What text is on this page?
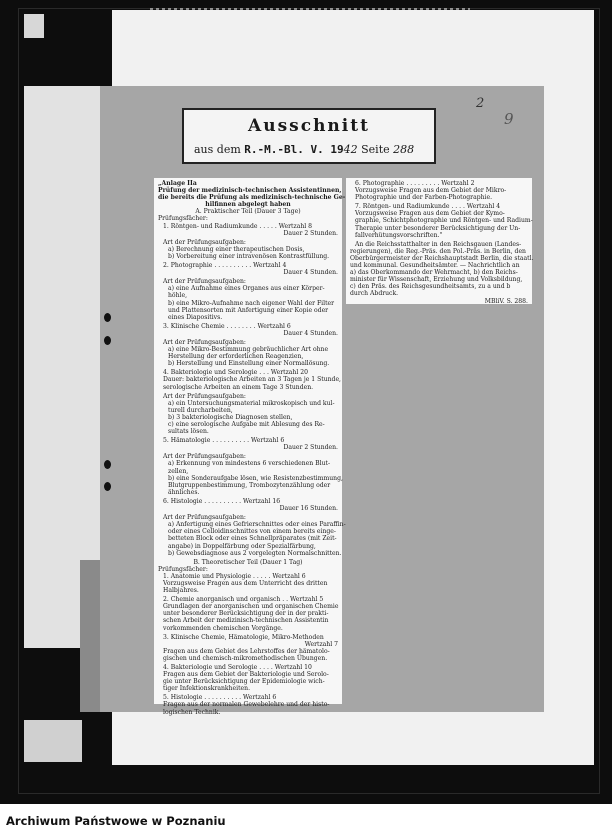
Ausschnitt
aus dem R.-M.-Bl. V. 1942 Seite 288
2
9
„Anlage IIa
Prüfung der medizinisch-technischen Assistentinnen,
die bereits die Prüfung als medizinisch-technische Ge-
hilfinnen abgelegt haben
A. Praktischer Teil (Dauer 3 Tage)
Prüfungsfächer:
1. Röntgen- und Radiumkunde . . . . . Wertzahl 8
Dauer 2 Stunden.
Art der Prüfungsaufgaben:
a) Berechnung einer therapeutischen Dosis,
b) Vorbereitung einer intravenösen Kontrastfüllung.
2. Photographie . . . . . . . . . . Wertzahl 4
Dauer 4 Stunden.
Art der Prüfungsaufgaben:
a) eine Aufnahme eines Organes aus einer Körper-
höhle,
b) eine Mikro-Aufnahme nach eigener Wahl der Filter
und Plattensorten mit Anfertigung einer Kopie oder
eines Diapositivs.
3. Klinische Chemie . . . . . . . . Wertzahl 6
Dauer 4 Stunden.
Art der Prüfungsaufgaben:
a) eine Mikro-Bestimmung gebräuchlicher Art ohne
Herstellung der erforderlichen Reagenzien,
b) Herstellung und Einstellung einer Normallösung.
4. Bakteriologie und Serologie . . . Wertzahl 20
Dauer: bakteriologische Arbeiten an 3 Tagen je 1 Stunde,
serologische Arbeiten an einem Tage 3 Stunden.
Art der Prüfungsaufgaben:
a) ein Untersuchungsmaterial mikroskopisch und kul-
turell durcharbeiten,
b) 3 bakteriologische Diagnosen stellen,
c) eine serologische Aufgabe mit Ablesung des Re-
sultats lösen.
5. Hämatologie . . . . . . . . . . Wertzahl 6
Dauer 2 Stunden.
Art der Prüfungsaufgaben:
a) Erkennung von mindestens 6 verschiedenen Blut-
zellen,
b) eine Sonderaufgabe lösen, wie Resistenzbestimmung,
Blutgruppenbestimmung, Trombozytenzählung oder
ähnliches.
6. Histologie . . . . . . . . . . Wertzahl 16
Dauer 16 Stunden.
Art der Prüfungsaufgaben:
a) Anfertigung eines Gefrierschnittes oder eines Paraffin-
oder eines Celloidinschnittes von einem bereits einge-
betteten Block oder eines Schnellpräparates (mit Zeit-
angabe) in Doppelfärbung oder Spezialfärbung,
b) Gewebsdiagnose aus 2 vorgelegten Normalschnitten.
B. Theoretischer Teil (Dauer 1 Tag)
Prüfungsfächer:
1. Anatomie und Physiologie . . . . . Wertzahl 6
Vorzugsweise Fragen aus dem Unterricht des dritten
Halbjahres.
2. Chemie anorganisch und organisch . . Wertzahl 5
Grundlagen der anorganischen und organischen Chemie
unter besonderer Berücksichtigung der in der prakti-
schen Arbeit der medizinisch-technischen Assistentin
vorkommenden chemischen Vorgänge.
3. Klinische Chemie, Hämatologie, Mikro-Methoden
Wertzahl 7
Fragen aus dem Gebiet des Lehrstoffes der hämatolo-
gischen und chemisch-mikromethodischen Übungen.
4. Bakteriologie und Serologie . . . . Wertzahl 10
Fragen aus dem Gebiet der Bakteriologie und Serolo-
gie unter Berücksichtigung der Epidemiologie wich-
tiger Infektionskrankheiten.
5. Histologie . . . . . . . . . . Wertzahl 6
Fragen aus der normalen Gewebelehre und der histo-
logischen Technik.
6. Photographie . . . . . . . . . Wertzahl 2
Vorzugsweise Fragen aus dem Gebiet der Mikro-
Photographie und der Farben-Photographie.
7. Röntgen- und Radiumkunde . . . . Wertzahl 4
Vorzugsweise Fragen aus dem Gebiet der Kymo-
graphie, Schichtphotographie und Röntgen- und Radium-
Therapie unter besonderer Berücksichtigung der Un-
fallverhütungsvorschriften."
An die Reichsstatthalter in den Reichsgauen (Landes-
regierungen), die Reg.-Präs. den Pol.-Präs. in Berlin, den
Oberbürgermeister der Reichshauptstadt Berlin, die staatl.
und kommunal. Gesundheitsämter. — Nachrichtlich an
a) das Oberkommando der Wehrmacht, b) den Reichs-
minister für Wissenschaft, Erziehung und Volksbildung,
c) den Präs. des Reichsgesundheitsamts, zu a und b
durch Abdruck.
MBliV. S. 288.
Archiwum Państwowe w Poznaniu
